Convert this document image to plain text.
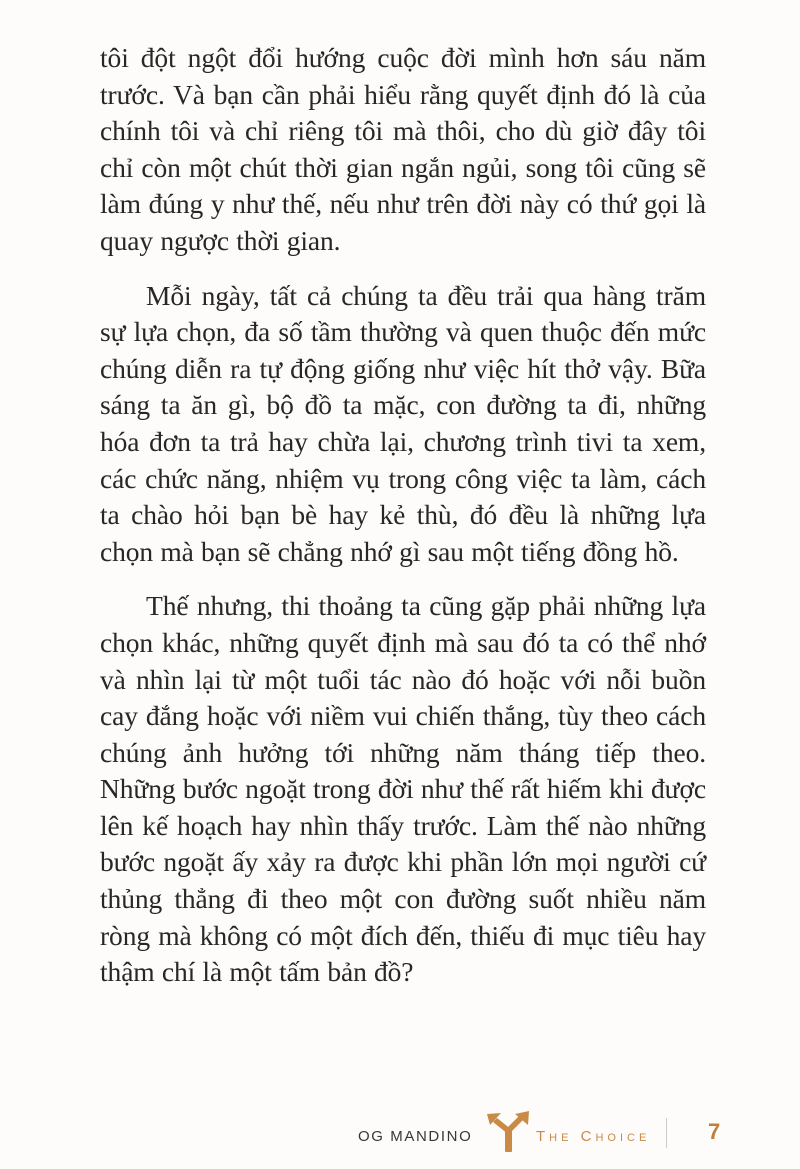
tôi đột ngột đổi hướng cuộc đời mình hơn sáu năm trước. Và bạn cần phải hiểu rằng quyết định đó là của chính tôi và chỉ riêng tôi mà thôi, cho dù giờ đây tôi chỉ còn một chút thời gian ngắn ngủi, song tôi cũng sẽ làm đúng y như thế, nếu như trên đời này có thứ gọi là quay ngược thời gian.

Mỗi ngày, tất cả chúng ta đều trải qua hàng trăm sự lựa chọn, đa số tầm thường và quen thuộc đến mức chúng diễn ra tự động giống như việc hít thở vậy. Bữa sáng ta ăn gì, bộ đồ ta mặc, con đường ta đi, những hóa đơn ta trả hay chừa lại, chương trình tivi ta xem, các chức năng, nhiệm vụ trong công việc ta làm, cách ta chào hỏi bạn bè hay kẻ thù, đó đều là những lựa chọn mà bạn sẽ chẳng nhớ gì sau một tiếng đồng hồ.

Thế nhưng, thi thoảng ta cũng gặp phải những lựa chọn khác, những quyết định mà sau đó ta có thể nhớ và nhìn lại từ một tuổi tác nào đó hoặc với nỗi buồn cay đắng hoặc với niềm vui chiến thắng, tùy theo cách chúng ảnh hưởng tới những năm tháng tiếp theo. Những bước ngoặt trong đời như thế rất hiếm khi được lên kế hoạch hay nhìn thấy trước. Làm thế nào những bước ngoặt ấy xảy ra được khi phần lớn mọi người cứ thủng thẳng đi theo một con đường suốt nhiều năm ròng mà không có một đích đến, thiếu đi mục tiêu hay thậm chí là một tấm bản đồ?

OG MANDINO	The Choice	7
